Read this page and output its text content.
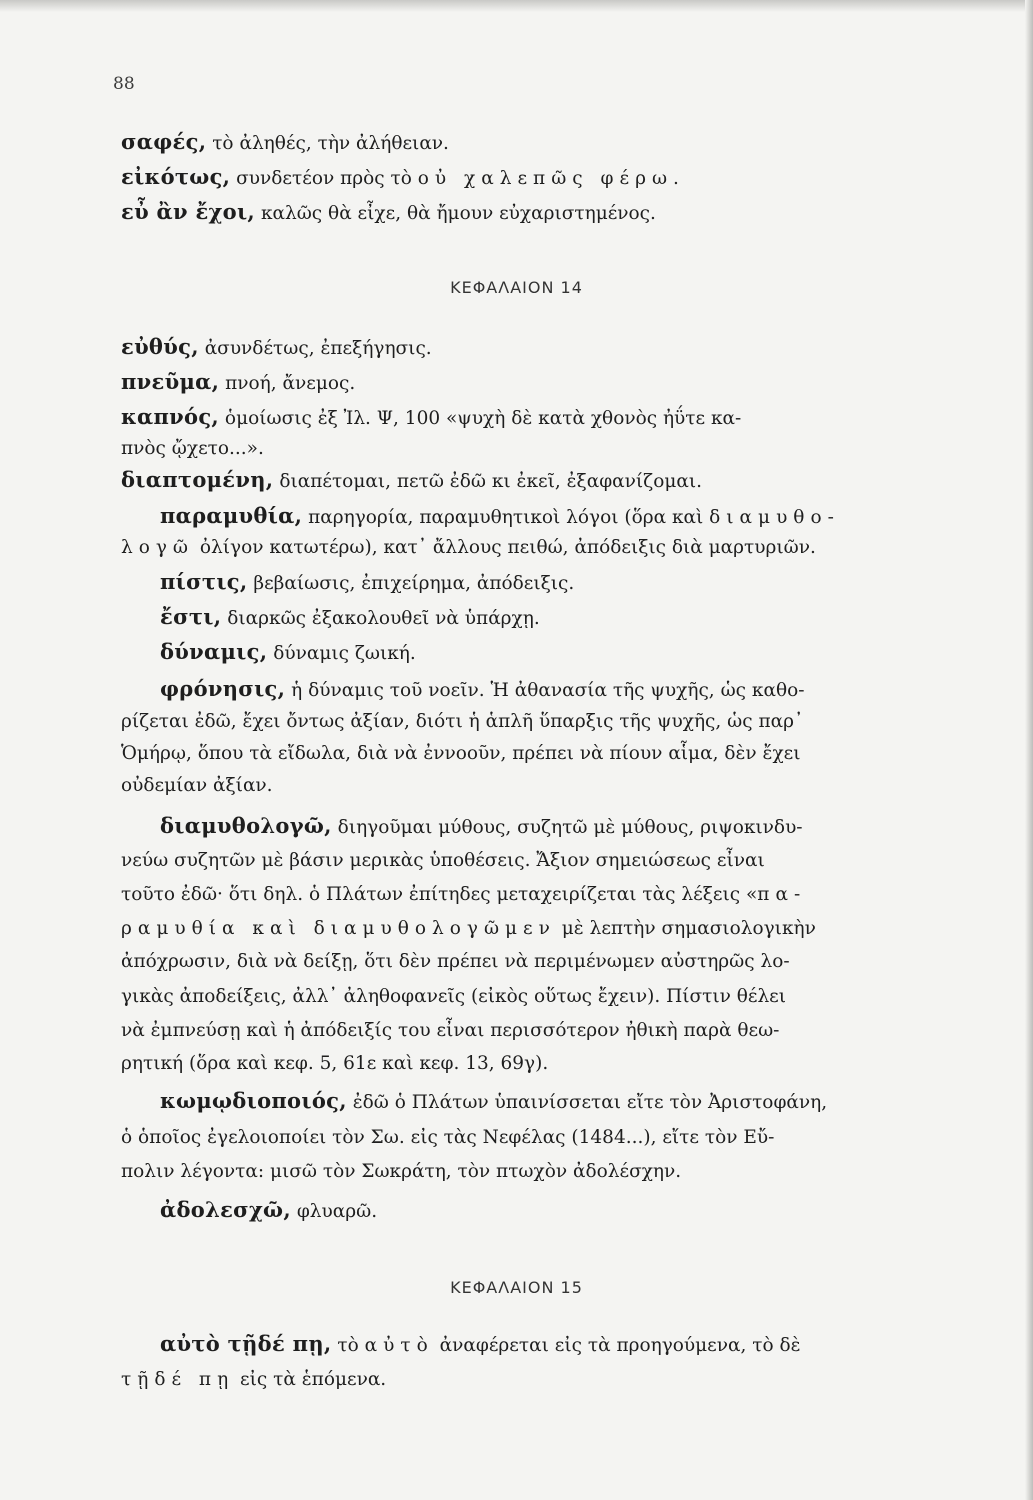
88
σαφές, τὸ ἀληθές, τὴν ἀλήθειαν.
εἰκότως, συνδετέον πρὸς τὸ οὐ χαλεπῶς φέρω.
εὖ ἂν ἔχοι, καλῶς θὰ εἶχε, θὰ ἤμουν εὐχαριστημένος.
ΚΕΦΑΛΑΙΟΝ 14
εὐθύς, ἀσυνδέτως, ἐπεξήγησις.
πνεῦμα, πνοή, ἄνεμος.
καπνός, ὁμοίωσις ἐξ Ἰλ. Ψ, 100 «ψυχὴ δὲ κατὰ χθονὸς ἠΰτε κα-
πνὸς ᾤχετο...».
διαπτομένη, διαπέτομαι, πετῶ ἐδῶ κι ἐκεῖ, ἐξαφανίζομαι.
παραμυθία, παρηγορία, παραμυθητικοὶ λόγοι (ὅρα καὶ διαμυθο-
λογῶ ὀλίγον κατωτέρω), κατ᾽ ἄλλους πειθώ, ἀπόδειξις διὰ μαρτυριῶν.
πίστις, βεβαίωσις, ἐπιχείρημα, ἀπόδειξις.
ἔστι, διαρκῶς ἐξακολουθεῖ νὰ ὑπάρχῃ.
δύναμις, δύναμις ζωική.
φρόνησις, ἡ δύναμις τοῦ νοεῖν. Ἡ ἀθανασία τῆς ψυχῆς, ὡς καθο-
ρίζεται ἐδῶ, ἔχει ὄντως ἀξίαν, διότι ἡ ἁπλῆ ὕπαρξις τῆς ψυχῆς, ὡς παρ᾽
Ὁμήρῳ, ὅπου τὰ εἴδωλα, διὰ νὰ ἐννοοῦν, πρέπει νὰ πίουν αἷμα, δὲν ἔχει
οὐδεμίαν ἀξίαν.
διαμυθολογῶ, διηγοῦμαι μύθους, συζητῶ μὲ μύθους, ριψοκινδυ-
νεύω συζητῶν μὲ βάσιν μερικὰς ὑποθέσεις. Ἄξιον σημειώσεως εἶναι
τοῦτο ἐδῶ· ὅτι δηλ. ὁ Πλάτων ἐπίτηδες μεταχειρίζεται τὰς λέξεις «πα-
ραμυθία καὶ διαμυθολογῶμεν μὲ λεπτὴν σημασιολογικὴν
ἀπόχρωσιν, διὰ νὰ δείξῃ, ὅτι δὲν πρέπει νὰ περιμένωμεν αὐστηρῶς λο-
γικὰς ἀποδείξεις, ἀλλ᾽ ἀληθοφανεῖς (εἰκὸς οὕτως ἔχειν). Πίστιν θέλει
νὰ ἐμπνεύσῃ καὶ ἡ ἀπόδειξίς του εἶναι περισσότερον ἠθικὴ παρὰ θεω-
ρητική (ὅρα καὶ κεφ. 5, 61ε καὶ κεφ. 13, 69γ).
κωμῳδιοποιός, ἐδῶ ὁ Πλάτων ὑπαινίσσεται εἴτε τὸν Ἀριστοφάνη,
ὁ ὁποῖος ἐγελοιοποίει τὸν Σω. εἰς τὰς Νεφέλας (1484...), εἴτε τὸν Εὔ-
πολιν λέγοντα: μισῶ τὸν Σωκράτη, τὸν πτωχὸν ἀδολέσχην.
ἀδολεσχῶ, φλυαρῶ.
ΚΕΦΑΛΑΙΟΝ 15
αὐτὸ τῇδέ πῃ, τὸ αὐτὸ ἀναφέρεται εἰς τὰ προηγούμενα, τὸ δὲ
τῇδέ πῃ εἰς τὰ ἑπόμενα.
